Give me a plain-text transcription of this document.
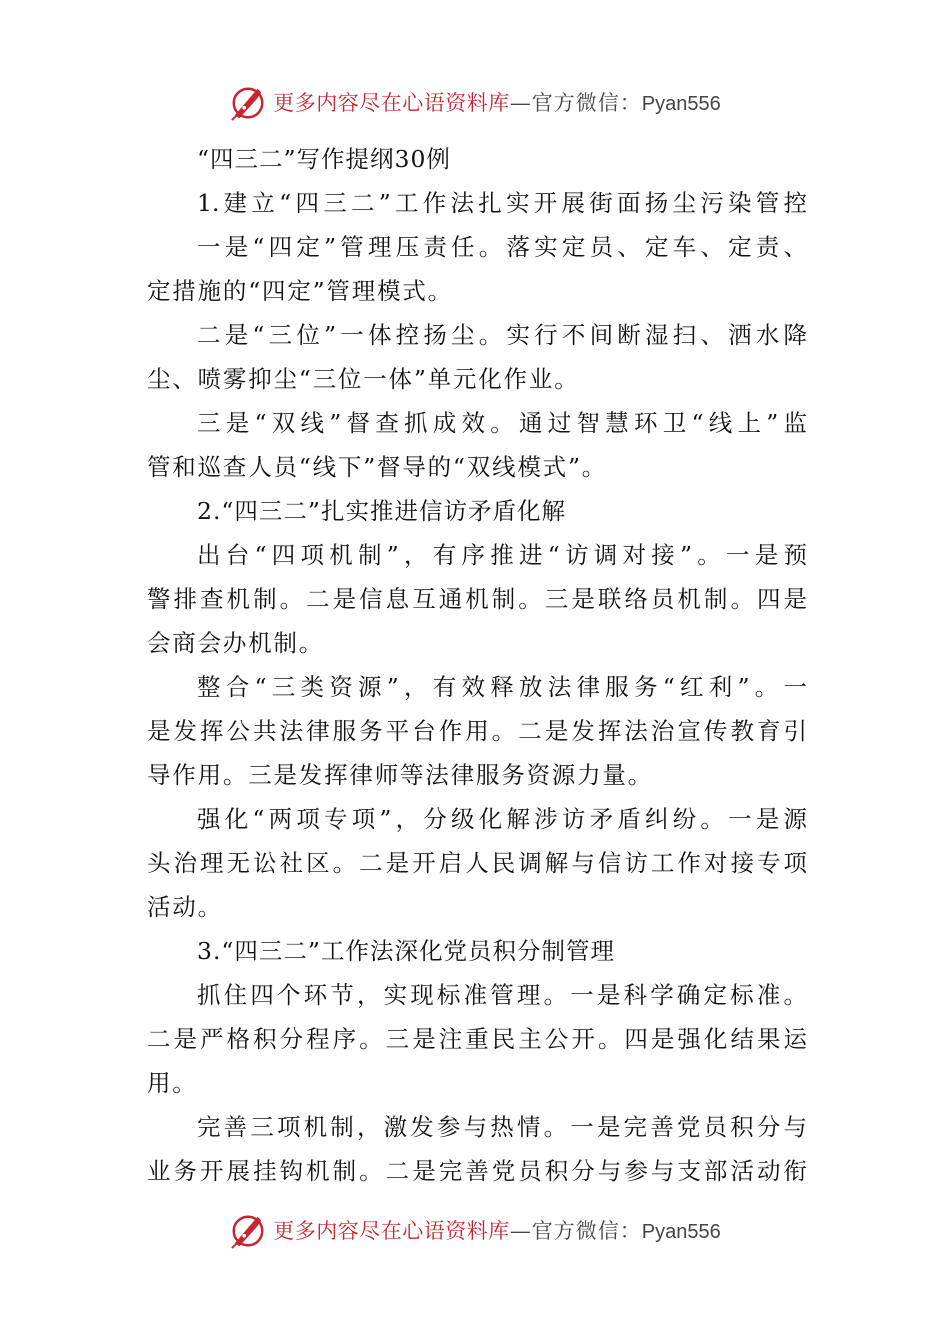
更多内容尽在心语资料库 — 官方微信： Pyan556
“四三二”写作提纲30例
1.建立“四三二”工作法扎实开展街面扬尘污染管控
一是“四定”管理压责任。落实定员、定车、定责、
定措施的“四定”管理模式。
二是“三位”一体控扬尘。实行不间断湿扫、洒水降
尘、喷雾抑尘“三位一体”单元化作业。
三是“双线”督查抓成效。通过智慧环卫“线上”监
管和巡查人员“线下”督导的“双线模式”。
2.“四三二”扎实推进信访矛盾化解
出台“四项机制”，有序推进“访调对接”。一是预
警排查机制。二是信息互通机制。三是联络员机制。四是
会商会办机制。
整合“三类资源”，有效释放法律服务“红利”。一
是发挥公共法律服务平台作用。二是发挥法治宣传教育引
导作用。三是发挥律师等法律服务资源力量。
强化“两项专项”，分级化解涉访矛盾纠纷。一是源
头治理无讼社区。二是开启人民调解与信访工作对接专项
活动。
3.“四三二”工作法深化党员积分制管理
抓住四个环节，实现标准管理。一是科学确定标准。
二是严格积分程序。三是注重民主公开。四是强化结果运
用。
完善三项机制，激发参与热情。一是完善党员积分与
业务开展挂钩机制。二是完善党员积分与参与支部活动衔
更多内容尽在心语资料库 — 官方微信： Pyan556
